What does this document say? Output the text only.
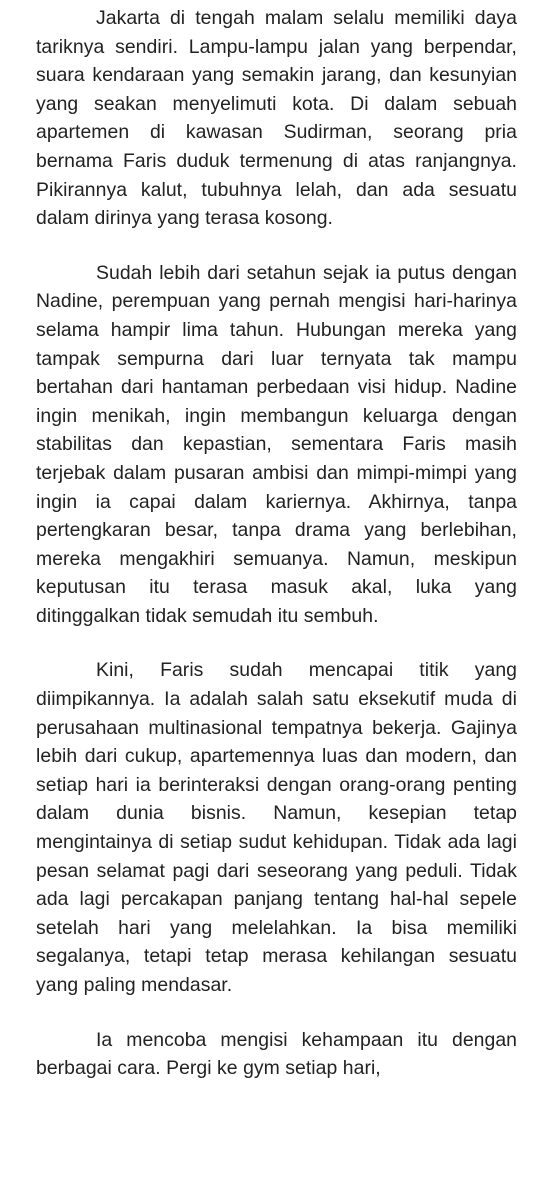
Jakarta di tengah malam selalu memiliki daya tariknya sendiri. Lampu-lampu jalan yang berpendar, suara kendaraan yang semakin jarang, dan kesunyian yang seakan menyelimuti kota. Di dalam sebuah apartemen di kawasan Sudirman, seorang pria bernama Faris duduk termenung di atas ranjangnya. Pikirannya kalut, tubuhnya lelah, dan ada sesuatu dalam dirinya yang terasa kosong.

Sudah lebih dari setahun sejak ia putus dengan Nadine, perempuan yang pernah mengisi hari-harinya selama hampir lima tahun. Hubungan mereka yang tampak sempurna dari luar ternyata tak mampu bertahan dari hantaman perbedaan visi hidup. Nadine ingin menikah, ingin membangun keluarga dengan stabilitas dan kepastian, sementara Faris masih terjebak dalam pusaran ambisi dan mimpi-mimpi yang ingin ia capai dalam kariernya. Akhirnya, tanpa pertengkaran besar, tanpa drama yang berlebihan, mereka mengakhiri semuanya. Namun, meskipun keputusan itu terasa masuk akal, luka yang ditinggalkan tidak semudah itu sembuh.

Kini, Faris sudah mencapai titik yang diimpikannya. Ia adalah salah satu eksekutif muda di perusahaan multinasional tempatnya bekerja. Gajinya lebih dari cukup, apartemennya luas dan modern, dan setiap hari ia berinteraksi dengan orang-orang penting dalam dunia bisnis. Namun, kesepian tetap mengintainya di setiap sudut kehidupan. Tidak ada lagi pesan selamat pagi dari seseorang yang peduli. Tidak ada lagi percakapan panjang tentang hal-hal sepele setelah hari yang melelahkan. Ia bisa memiliki segalanya, tetapi tetap merasa kehilangan sesuatu yang paling mendasar.

Ia mencoba mengisi kehampaan itu dengan berbagai cara. Pergi ke gym setiap hari,
